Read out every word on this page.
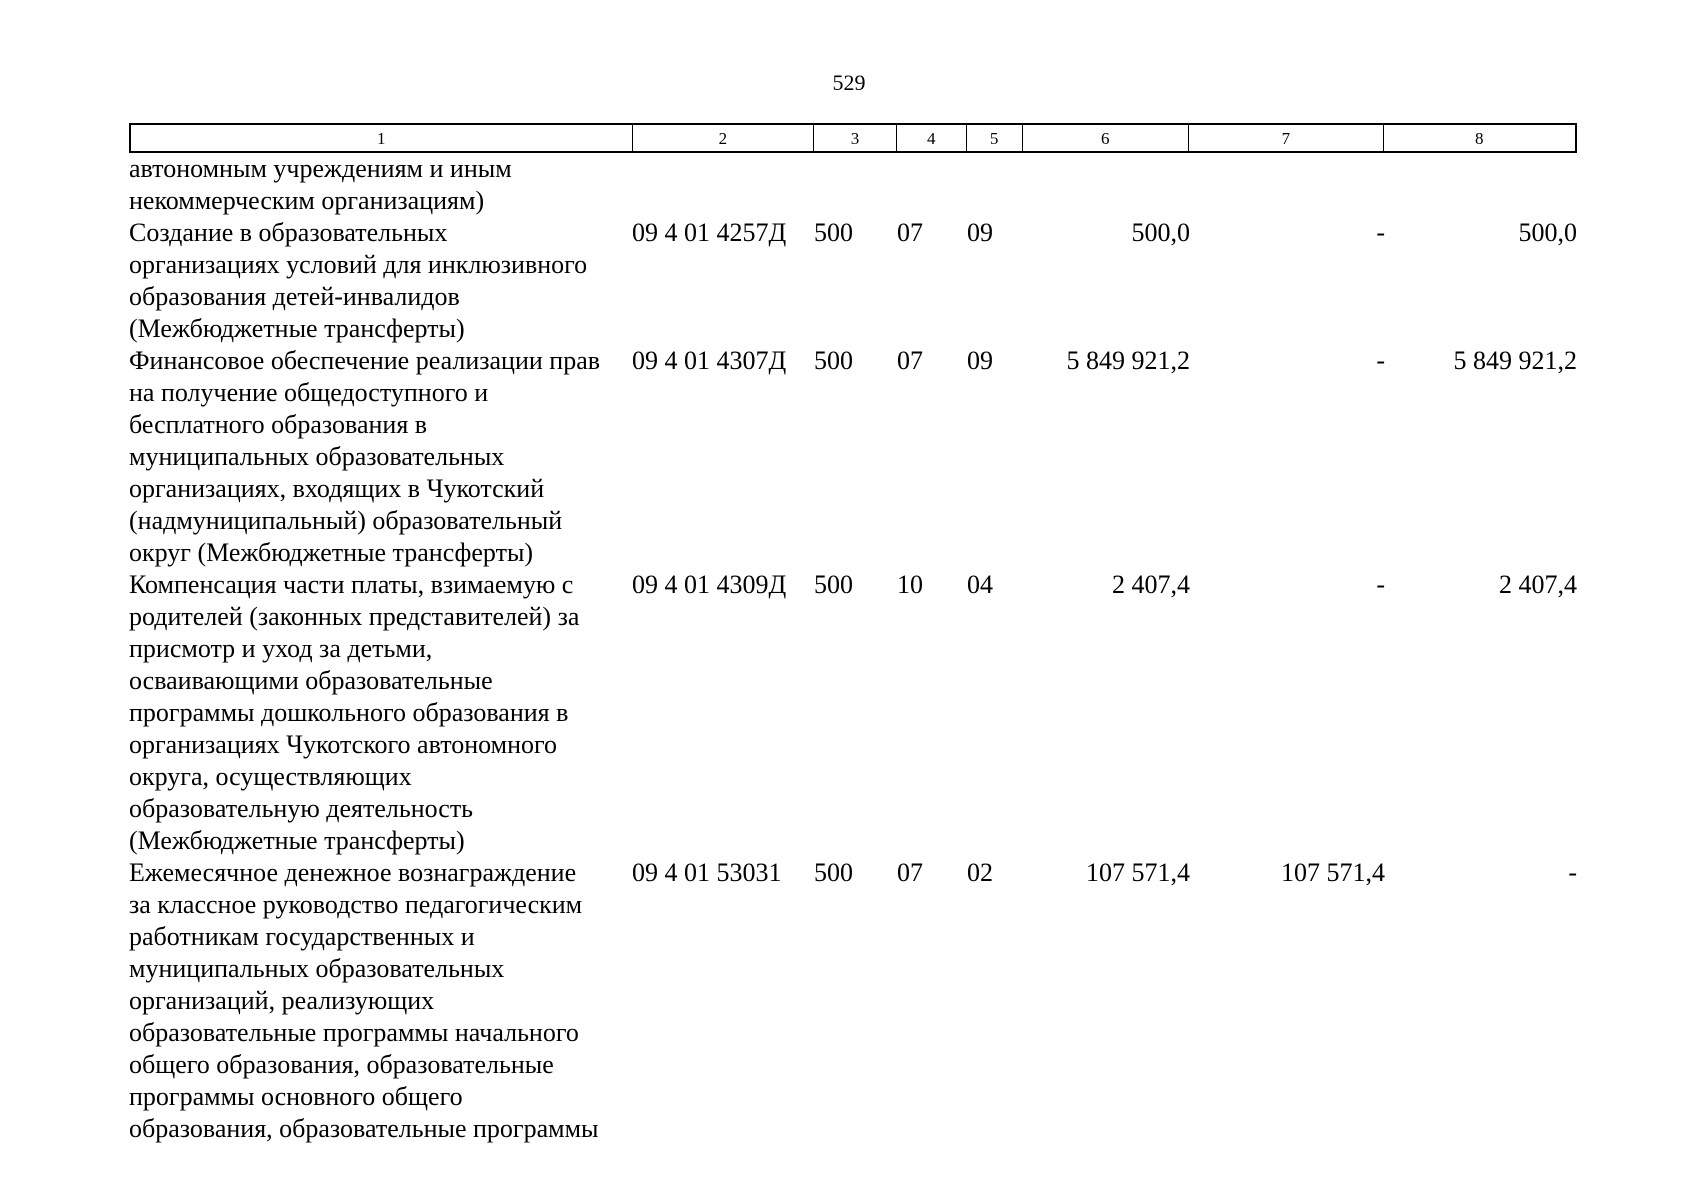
529
1	2	3	4	5	6	7	8
автономным учреждениям и иным
некоммерческим организациям)
Создание в образовательных
организациях условий для инклюзивного
образования детей-инвалидов
(Межбюджетные трансферты)
09 4 01 4257Д	500	07	09	500,0	-	500,0
Финансовое обеспечение реализации прав
на получение общедоступного и
бесплатного образования в
муниципальных образовательных
организациях, входящих в Чукотский
(надмуниципальный) образовательный
округ (Межбюджетные трансферты)
09 4 01 4307Д	500	07	09	5 849 921,2	-	5 849 921,2
Компенсация части платы, взимаемую с
родителей (законных представителей) за
присмотр и уход за детьми,
осваивающими образовательные
программы дошкольного образования в
организациях Чукотского автономного
округа, осуществляющих
образовательную деятельность
(Межбюджетные трансферты)
09 4 01 4309Д	500	10	04	2 407,4	-	2 407,4
Ежемесячное денежное вознаграждение
за классное руководство педагогическим
работникам государственных и
муниципальных образовательных
организаций, реализующих
образовательные программы начального
общего образования, образовательные
программы основного общего
образования, образовательные программы
09 4 01 53031	500	07	02	107 571,4	107 571,4	-
